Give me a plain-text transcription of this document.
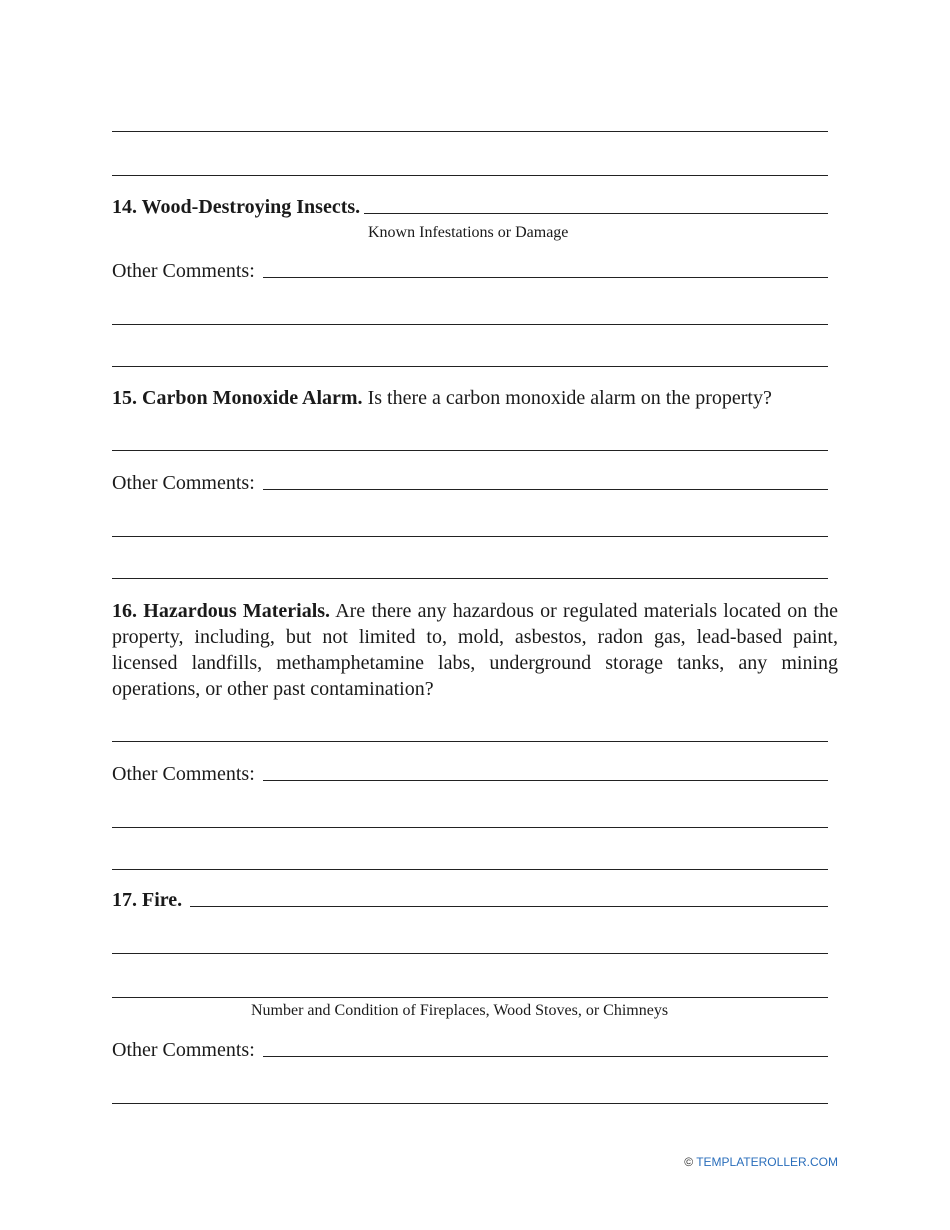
14. Wood-Destroying Insects.
Known Infestations or Damage
Other Comments:
15. Carbon Monoxide Alarm. Is there a carbon monoxide alarm on the property?
Other Comments:
16. Hazardous Materials. Are there any hazardous or regulated materials located on the property, including, but not limited to, mold, asbestos, radon gas, lead-based paint, licensed landfills, methamphetamine labs, underground storage tanks, any mining operations, or other past contamination?
Other Comments:
17. Fire.
Number and Condition of Fireplaces, Wood Stoves, or Chimneys
Other Comments:
© TEMPLATEROLLER.COM
